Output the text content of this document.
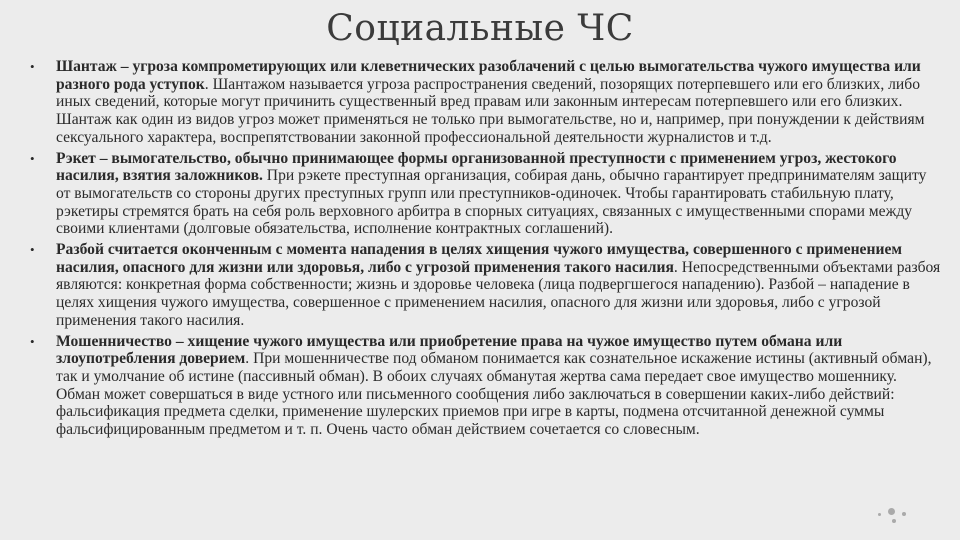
Социальные ЧС
• Шантаж – угроза компрометирующих или клеветнических разоблачений с целью вымогательства чужого имущества или разного рода уступок. Шантажом называется угроза распространения сведений, позорящих потерпевшего или его близких, либо иных сведений, которые могут причинить существенный вред правам или законным интересам потерпевшего или его близких. Шантаж как один из видов угроз может применяться не только при вымогательстве, но и, например, при понуждении к действиям сексуального характера, воспрепятствовании законной профессиональной деятельности журналистов и т.д.
• Рэкет – вымогательство, обычно принимающее формы организованной преступности с применением угроз, жестокого насилия, взятия заложников. При рэкете преступная организация, собирая дань, обычно гарантирует предпринимателям защиту от вымогательств со стороны других преступных групп или преступников-одиночек. Чтобы гарантировать стабильную плату, рэкетиры стремятся брать на себя роль верховного арбитра в спорных ситуациях, связанных с имущественными спорами между своими клиентами (долговые обязательства, исполнение контрактных соглашений).
• Разбой считается оконченным с момента нападения в целях хищения чужого имущества, совершенного с применением насилия, опасного для жизни или здоровья, либо с угрозой применения такого насилия. Непосредственными объектами разбоя являются: конкретная форма собственности; жизнь и здоровье человека (лица подвергшегося нападению). Разбой – нападение в целях хищения чужого имущества, совершенное с применением насилия, опасного для жизни или здоровья, либо с угрозой применения такого насилия.
• Мошенничество – хищение чужого имущества или приобретение права на чужое имущество путем обмана или злоупотребления доверием. При мошенничестве под обманом понимается как сознательное искажение истины (активный обман), так и умолчание об истине (пассивный обман). В обоих случаях обманутая жертва сама передает свое имущество мошеннику. Обман может совершаться в виде устного или письменного сообщения либо заключаться в совершении каких-либо действий: фальсификация предмета сделки, применение шулерских приемов при игре в карты, подмена отсчитанной денежной суммы фальсифицированным предметом и т. п. Очень часто обман действием сочетается со словесным.
